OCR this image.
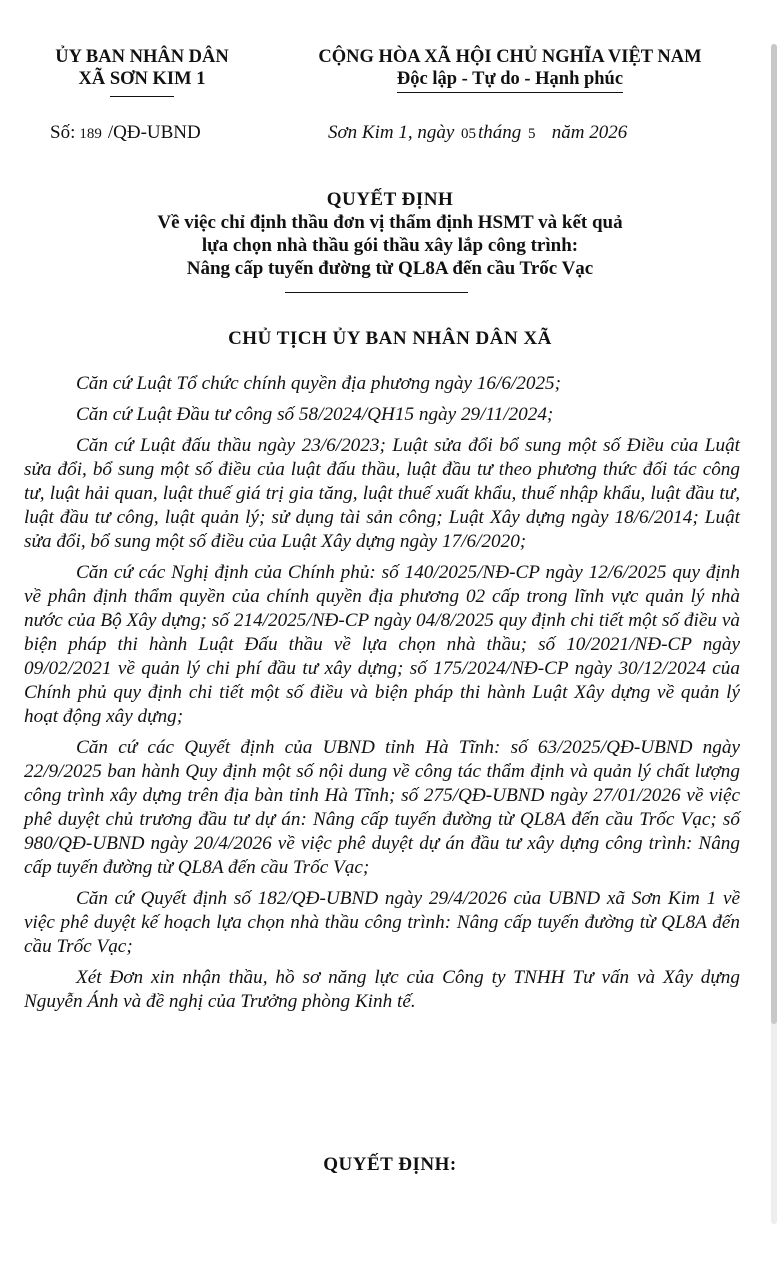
ỦY BAN NHÂN DÂN
XÃ SƠN KIM 1
CỘNG HÒA XÃ HỘI CHỦ NGHĨA VIỆT NAM
Độc lập - Tự do - Hạnh phúc
Số: 189 /QĐ-UBND	Sơn Kim 1, ngày 05 tháng 5 năm 2026
QUYẾT ĐỊNH
Về việc chỉ định thầu đơn vị thẩm định HSMT và kết quả
lựa chọn nhà thầu gói thầu xây lắp công trình:
Nâng cấp tuyến đường từ QL8A đến cầu Trốc Vạc
CHỦ TỊCH ỦY BAN NHÂN DÂN XÃ

Căn cứ Luật Tổ chức chính quyền địa phương ngày 16/6/2025;

Căn cứ Luật Đầu tư công số 58/2024/QH15 ngày 29/11/2024;

Căn cứ Luật đấu thầu ngày 23/6/2023; Luật sửa đổi bổ sung một số Điều của Luật sửa đổi, bổ sung một số điều của luật đấu thầu, luật đầu tư theo phương thức đối tác công tư, luật hải quan, luật thuế giá trị gia tăng, luật thuế xuất khẩu, thuế nhập khẩu, luật đầu tư, luật đầu tư công, luật quản lý; sử dụng tài sản công; Luật Xây dựng ngày 18/6/2014; Luật sửa đổi, bổ sung một số điều của Luật Xây dựng ngày 17/6/2020;

Căn cứ các Nghị định của Chính phủ: số 140/2025/NĐ-CP ngày 12/6/2025 quy định về phân định thẩm quyền của chính quyền địa phương 02 cấp trong lĩnh vực quản lý nhà nước của Bộ Xây dựng; số 214/2025/NĐ-CP ngày 04/8/2025 quy định chi tiết một số điều và biện pháp thi hành Luật Đấu thầu về lựa chọn nhà thầu; số 10/2021/NĐ-CP ngày 09/02/2021 về quản lý chi phí đầu tư xây dựng; số 175/2024/NĐ-CP ngày 30/12/2024 của Chính phủ quy định chi tiết một số điều và biện pháp thi hành Luật Xây dựng về quản lý hoạt động xây dựng;

Căn cứ các Quyết định của UBND tỉnh Hà Tĩnh: số 63/2025/QĐ-UBND ngày 22/9/2025 ban hành Quy định một số nội dung về công tác thẩm định và quản lý chất lượng công trình xây dựng trên địa bàn tỉnh Hà Tĩnh; số 275/QĐ-UBND ngày 27/01/2026 về việc phê duyệt chủ trương đầu tư dự án: Nâng cấp tuyến đường từ QL8A đến cầu Trốc Vạc; số 980/QĐ-UBND ngày 20/4/2026 về việc phê duyệt dự án đầu tư xây dựng công trình: Nâng cấp tuyến đường từ QL8A đến cầu Trốc Vạc;

Căn cứ Quyết định số 182/QĐ-UBND ngày 29/4/2026 của UBND xã Sơn Kim 1 về việc phê duyệt kế hoạch lựa chọn nhà thầu công trình: Nâng cấp tuyến đường từ QL8A đến cầu Trốc Vạc;

Xét Đơn xin nhận thầu, hồ sơ năng lực của Công ty TNHH Tư vấn và Xây dựng Nguyễn Ánh và đề nghị của Trưởng phòng Kinh tế.

QUYẾT ĐỊNH:
